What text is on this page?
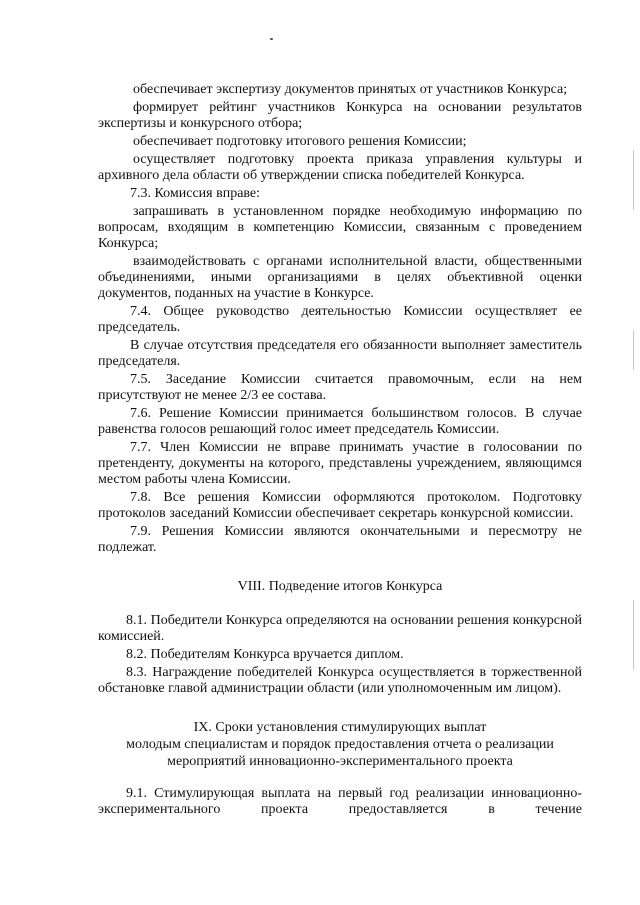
обеспечивает экспертизу документов принятых от участников Конкурса;

формирует рейтинг участников Конкурса на основании результатов экспертизы и конкурсного отбора;

обеспечивает подготовку итогового решения Комиссии;

осуществляет подготовку проекта приказа управления культуры и архивного дела области об утверждении списка победителей Конкурса.

7.3. Комиссия вправе:

запрашивать в установленном порядке необходимую информацию по вопросам, входящим в компетенцию Комиссии, связанным с проведением Конкурса;

взаимодействовать с органами исполнительной власти, общественными объединениями, иными организациями в целях объективной оценки документов, поданных на участие в Конкурсе.

7.4. Общее руководство деятельностью Комиссии осуществляет ее председатель.

В случае отсутствия председателя его обязанности выполняет заместитель председателя.

7.5. Заседание Комиссии считается правомочным, если на нем присутствуют не менее 2/3 ее состава.

7.6. Решение Комиссии принимается большинством голосов. В случае равенства голосов решающий голос имеет председатель Комиссии.

7.7. Член Комиссии не вправе принимать участие в голосовании по претенденту, документы на которого, представлены учреждением, являющимся местом работы члена Комиссии.

7.8. Все решения Комиссии оформляются протоколом. Подготовку протоколов заседаний Комиссии обеспечивает секретарь конкурсной комиссии.

7.9. Решения Комиссии являются окончательными и пересмотру не подлежат.

VIII. Подведение итогов Конкурса

8.1. Победители Конкурса определяются на основании решения конкурсной комиссией.

8.2. Победителям Конкурса вручается диплом.

8.3. Награждение победителей Конкурса осуществляется в торжественной обстановке главой администрации области (или уполномоченным им лицом).

IX. Сроки установления стимулирующих выплат

молодым специалистам и порядок предоставления отчета о реализации

мероприятий инновационно-экспериментального проекта

9.1. Стимулирующая выплата на первый год реализации инновационно-экспериментального проекта предоставляется в течение
